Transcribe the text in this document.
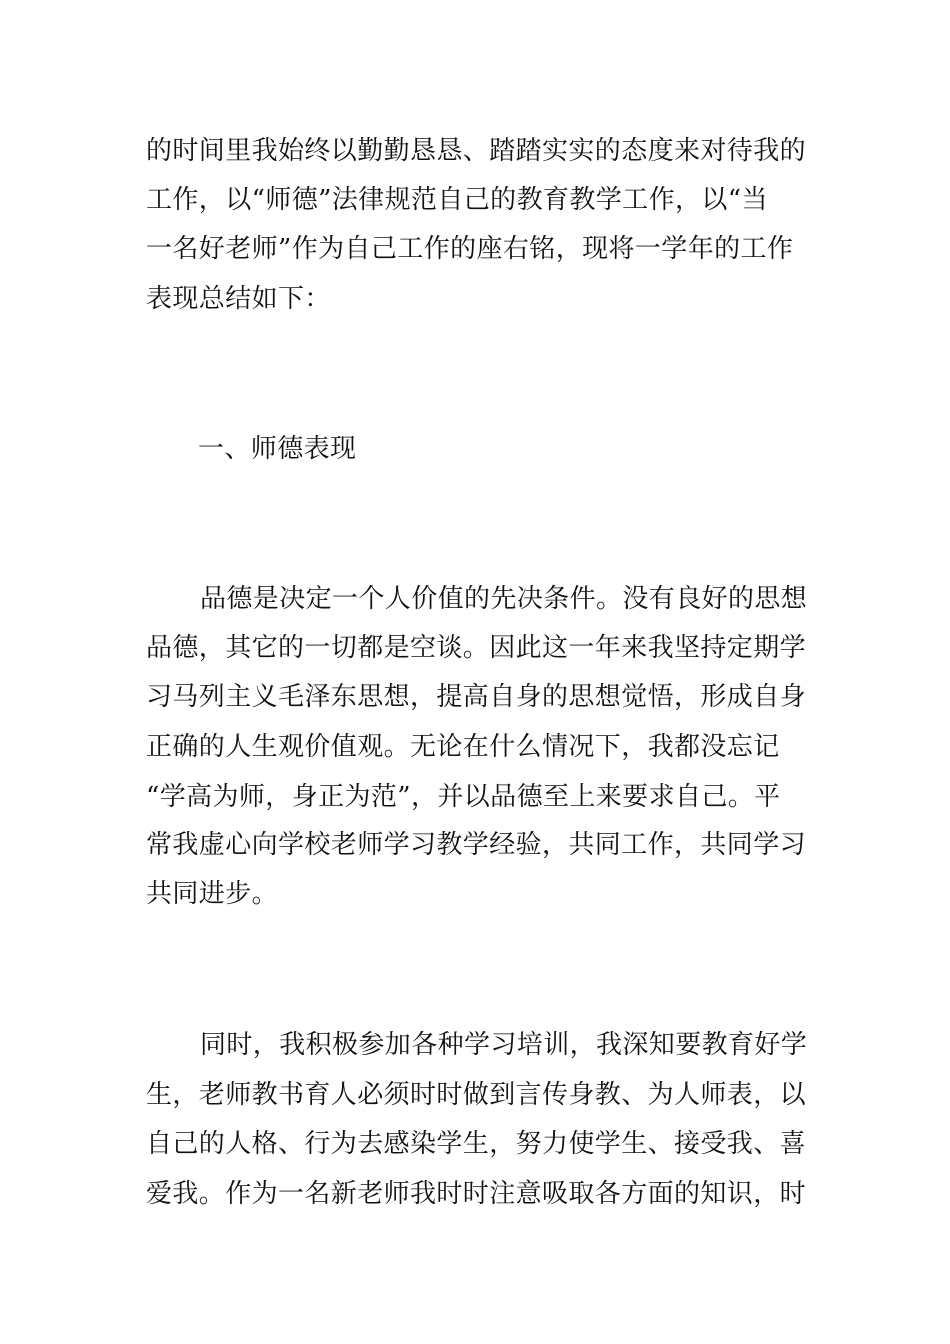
的时间里我始终以勤勤恳恳、踏踏实实的态度来对待我的
工作，以“师德”法律规范自己的教育教学工作，以“当
一名好老师”作为自己工作的座右铭，现将一学年的工作
表现总结如下：
一、师德表现
品德是决定一个人价值的先决条件。没有良好的思想
品德，其它的一切都是空谈。因此这一年来我坚持定期学
习马列主义毛泽东思想，提高自身的思想觉悟，形成自身
正确的人生观价值观。无论在什么情况下，我都没忘记
“学高为师，身正为范”，并以品德至上来要求自己。平
常我虚心向学校老师学习教学经验，共同工作，共同学习
共同进步。
同时，我积极参加各种学习培训，我深知要教育好学
生，老师教书育人必须时时做到言传身教、为人师表，以
自己的人格、行为去感染学生，努力使学生、接受我、喜
爱我。作为一名新老师我时时注意吸取各方面的知识，时
